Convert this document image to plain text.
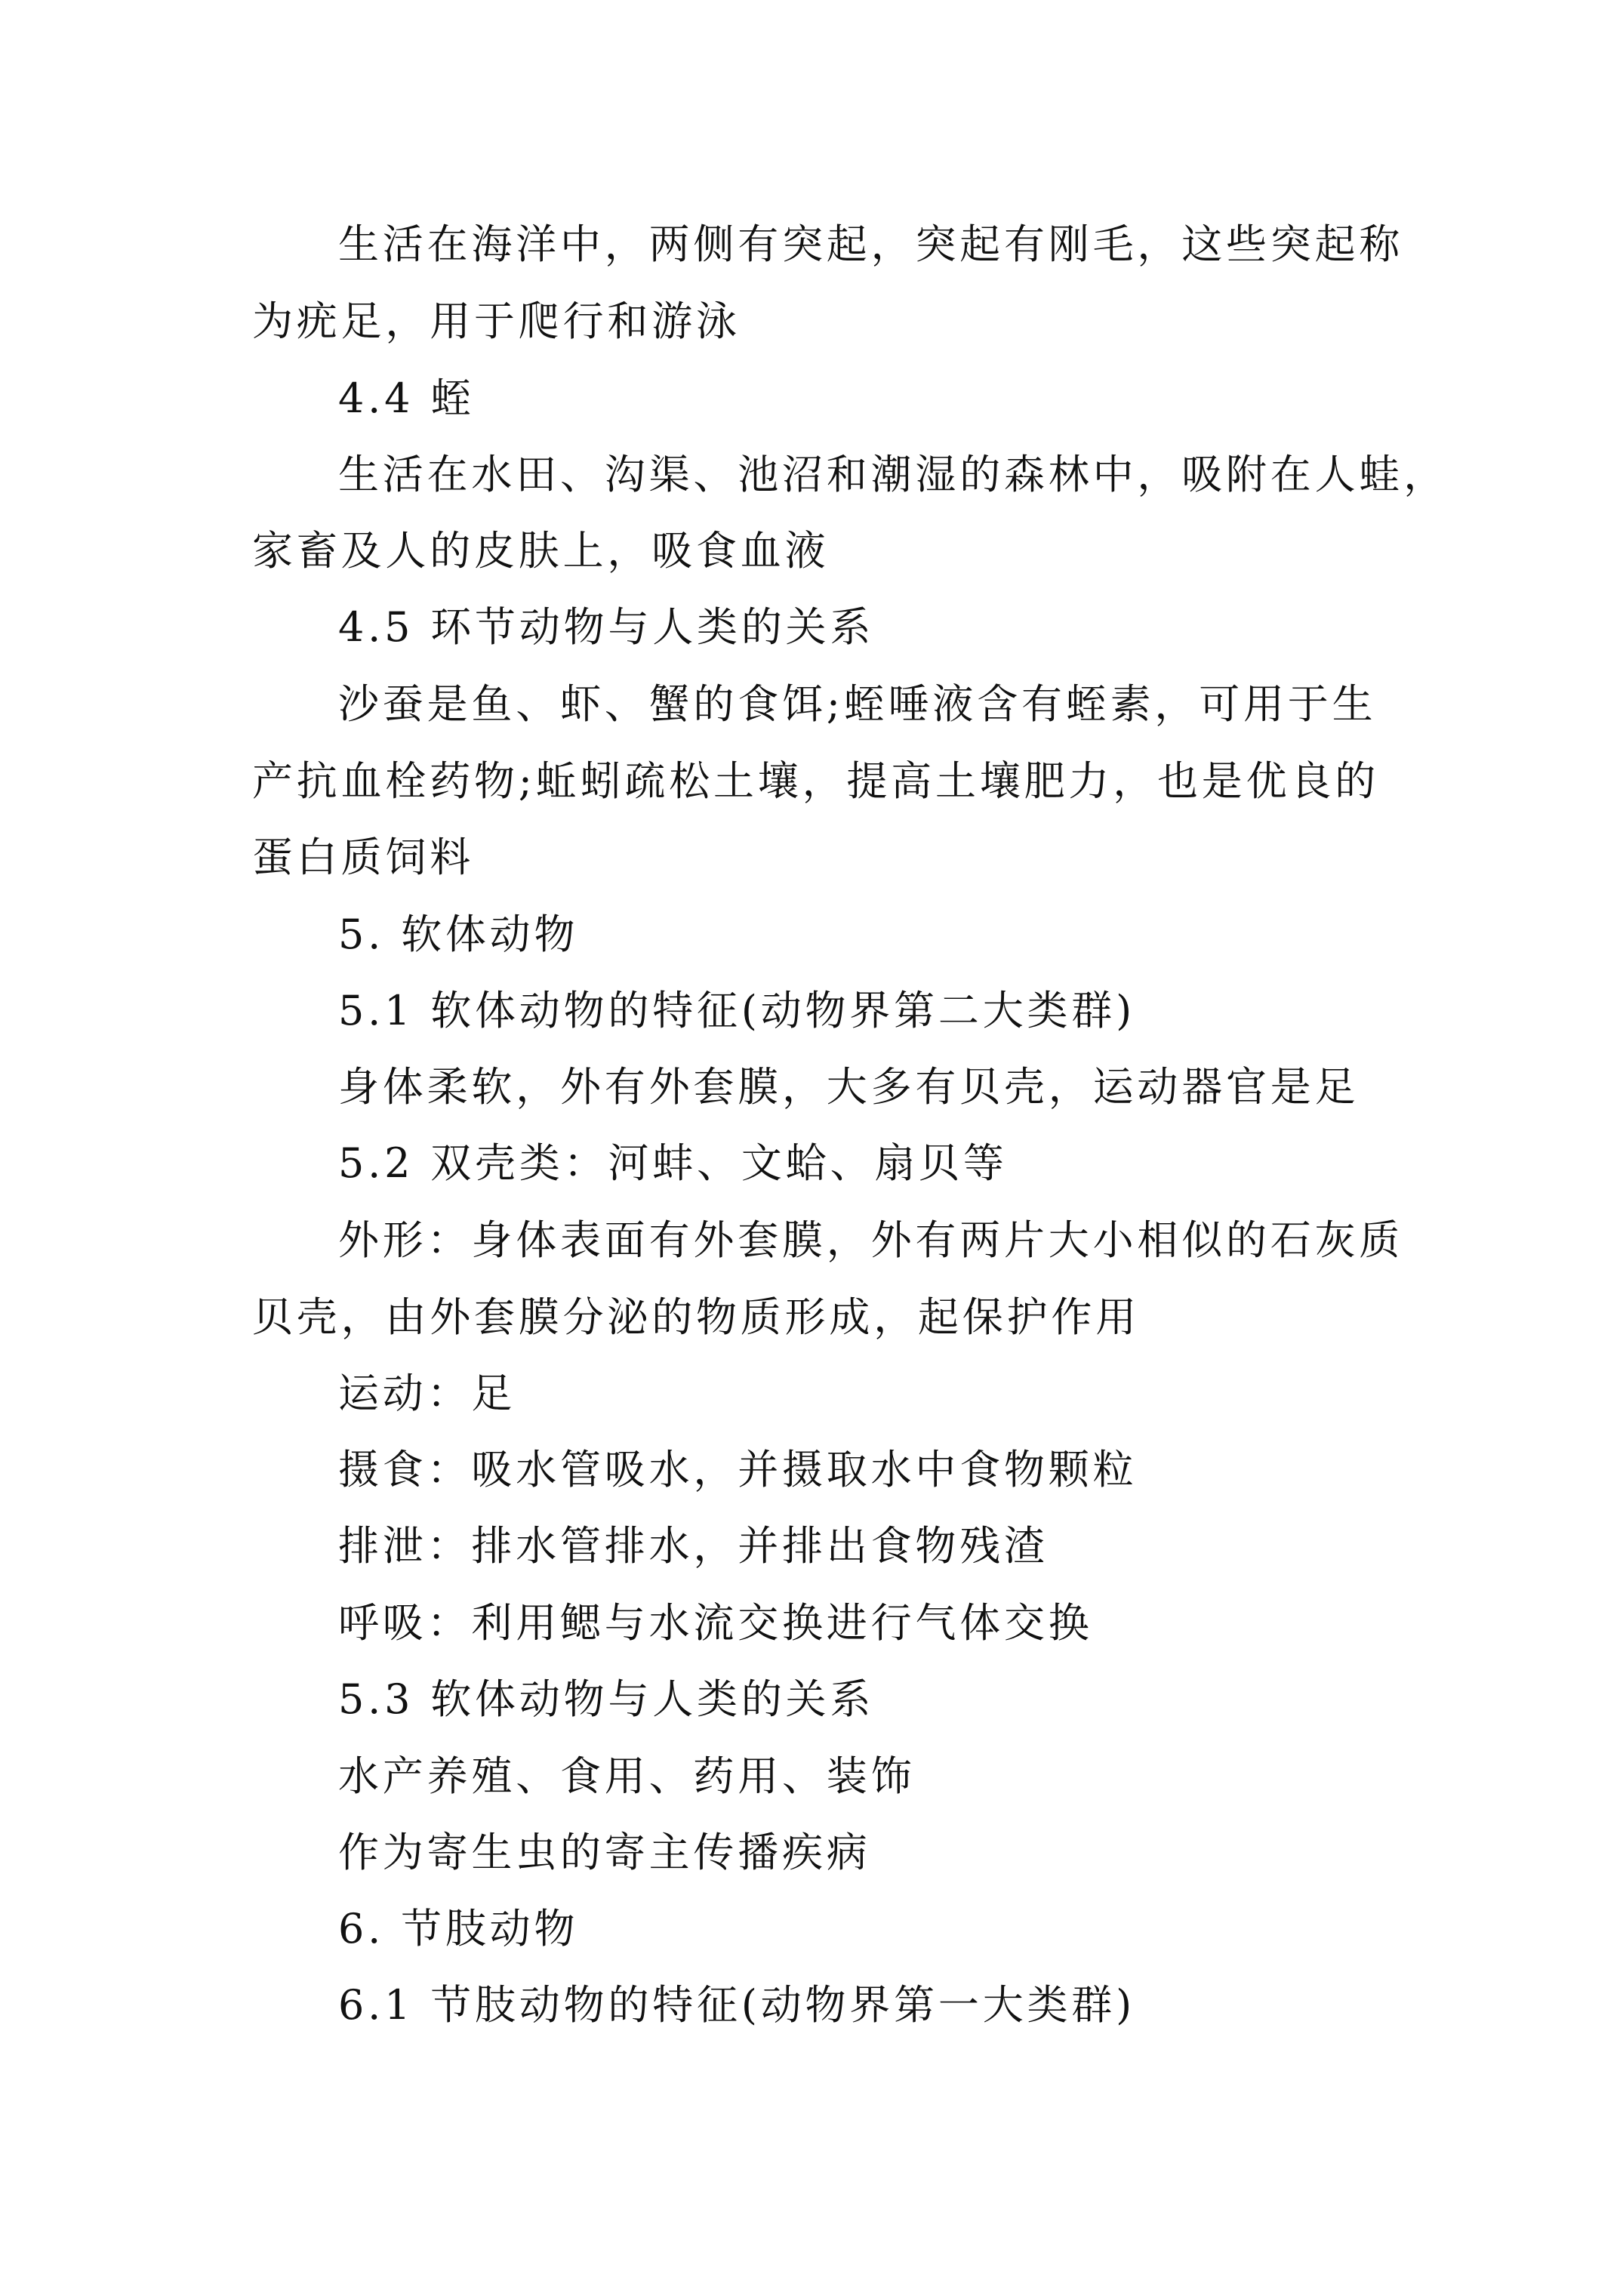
生活在海洋中，两侧有突起，突起有刚毛，这些突起称
为疣足，用于爬行和游泳
4.4 蛭
生活在水田、沟渠、池沼和潮湿的森林中，吸附在人蛙，
家畜及人的皮肤上，吸食血液
4.5 环节动物与人类的关系
沙蚕是鱼、虾、蟹的食饵;蛭唾液含有蛭素，可用于生
产抗血栓药物;蚯蚓疏松土壤，提高土壤肥力，也是优良的
蛋白质饲料
5. 软体动物
5.1 软体动物的特征(动物界第二大类群)
身体柔软，外有外套膜，大多有贝壳，运动器官是足
5.2 双壳类：河蚌、文蛤、扇贝等
外形：身体表面有外套膜，外有两片大小相似的石灰质
贝壳，由外套膜分泌的物质形成，起保护作用
运动：足
摄食：吸水管吸水，并摄取水中食物颗粒
排泄：排水管排水，并排出食物残渣
呼吸：利用鳃与水流交换进行气体交换
5.3 软体动物与人类的关系
水产养殖、食用、药用、装饰
作为寄生虫的寄主传播疾病
6. 节肢动物
6.1 节肢动物的特征(动物界第一大类群)
